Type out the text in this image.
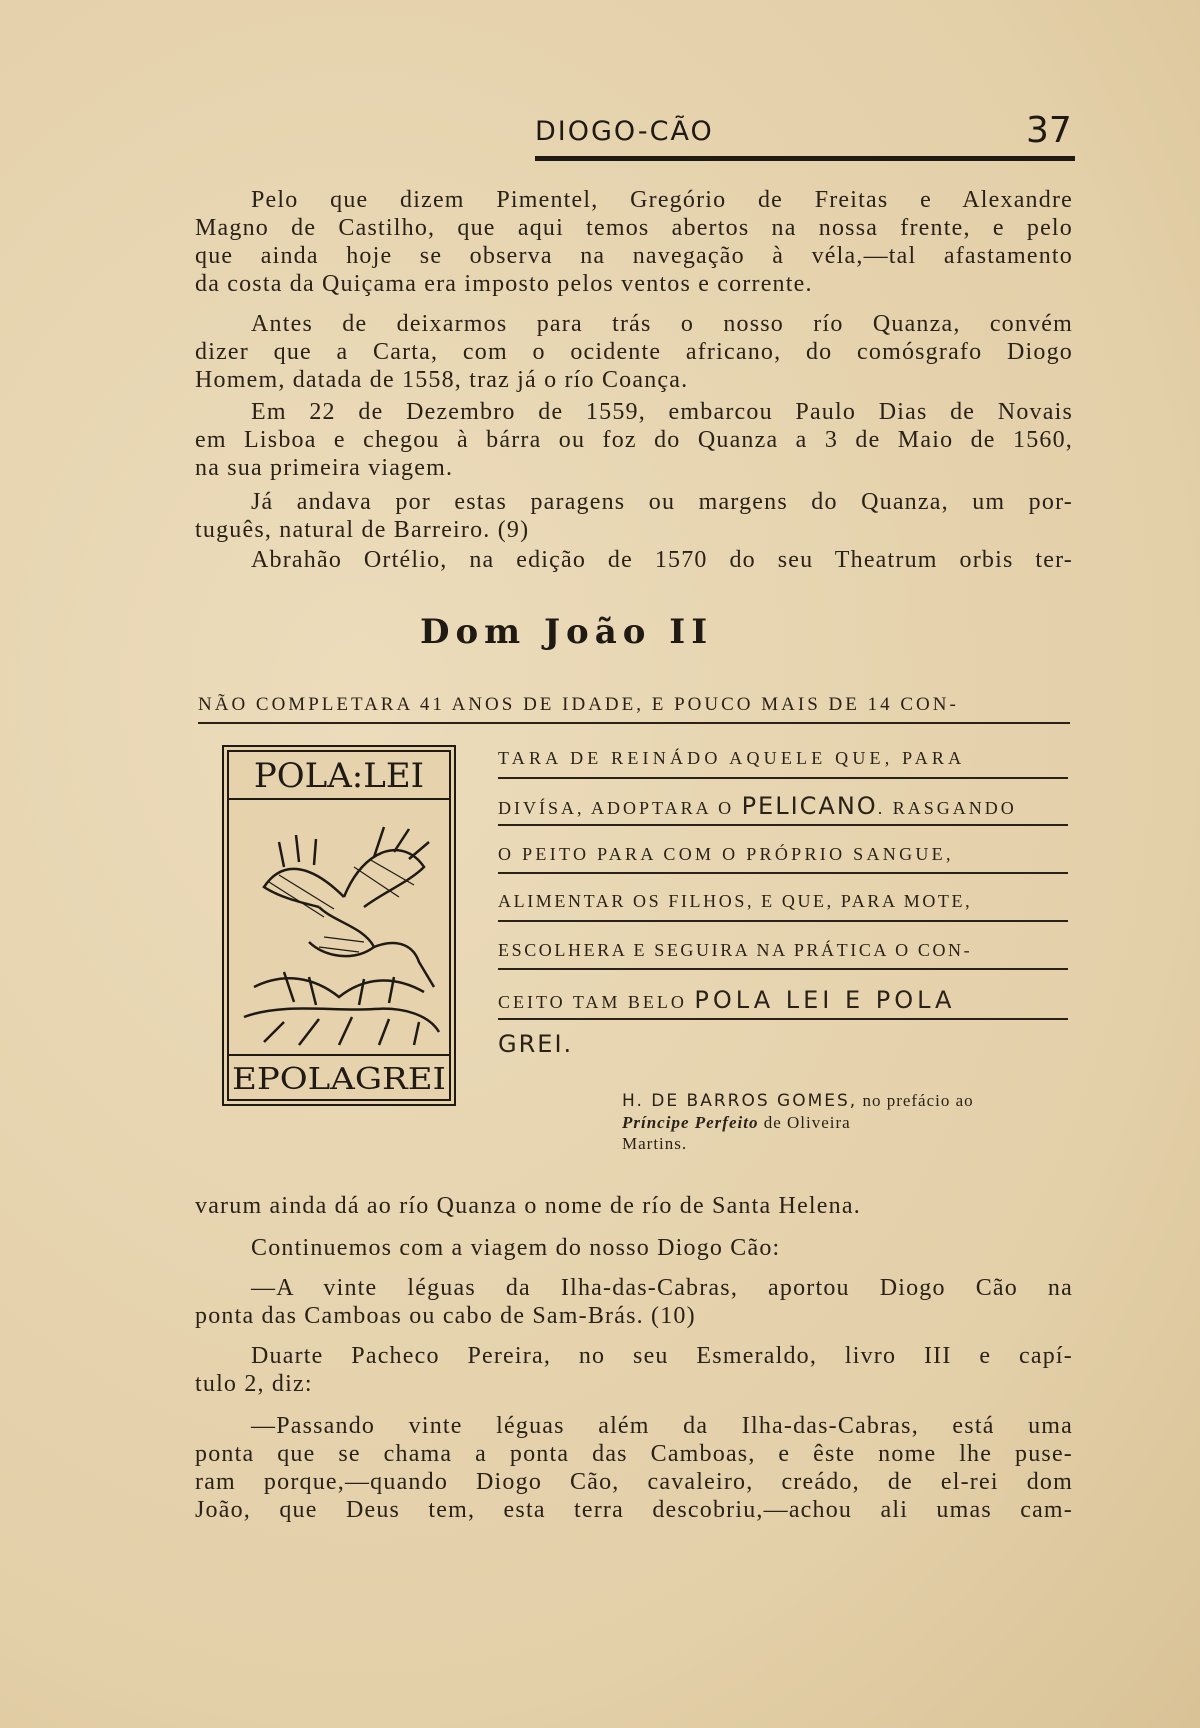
DIOGO-CÃO	37

Pelo que dizem Pimentel, Gregório de Freitas e Alexandre
Magno de Castilho, que aqui temos abertos na nossa frente, e pelo
que ainda hoje se observa na navegação à véla,—tal afastamento
da costa da Quiçama era imposto pelos ventos e corrente.

Antes de deixarmos para trás o nosso río Quanza, convém
dizer que a Carta, com o ocidente africano, do comósgrafo Diogo
Homem, datada de 1558, traz já o río Coança.

Em 22 de Dezembro de 1559, embarcou Paulo Dias de Novais
em Lisboa e chegou à bárra ou foz do Quanza a 3 de Maio de 1560,
na sua primeira viagem.

Já andava por estas paragens ou margens do Quanza, um por-
tuguês, natural de Barreiro. (9)

Abrahão Ortélio, na edição de 1570 do seu Theatrum orbis ter-

Dom João II
NÃO COMPLETARA 41 ANOS DE IDADE, E POUCO MAIS DE 14 CON-
POLA:LEI
EPOLAGREI
TARA DE REINÁDO AQUELE QUE, PARA
DIVÍSA, ADOPTARA O PELICANO. RASGANDO
O PEITO PARA COM O PRÓPRIO SANGUE,
ALIMENTAR OS FILHOS, E QUE, PARA MOTE,
ESCOLHERA E SEGUIRA NA PRÁTICA O CON-
CEITO TAM BELO POLA LEI E POLA
GREI.
H. DE BARROS GOMES, no prefácio ao
Príncipe Perfeito de Oliveira
Martins.

varum ainda dá ao río Quanza o nome de río de Santa Helena.

Continuemos com a viagem do nosso Diogo Cão:

—A vinte léguas da Ilha-das-Cabras, aportou Diogo Cão na
ponta das Camboas ou cabo de Sam-Brás. (10)

Duarte Pacheco Pereira, no seu Esmeraldo, livro III e capí-
tulo 2, diz:

—Passando vinte léguas além da Ilha-das-Cabras, está uma
ponta que se chama a ponta das Camboas, e êste nome lhe puse-
ram porque,—quando Diogo Cão, cavaleiro, creádo, de el-rei dom
João, que Deus tem, esta terra descobriu,—achou ali umas cam-
